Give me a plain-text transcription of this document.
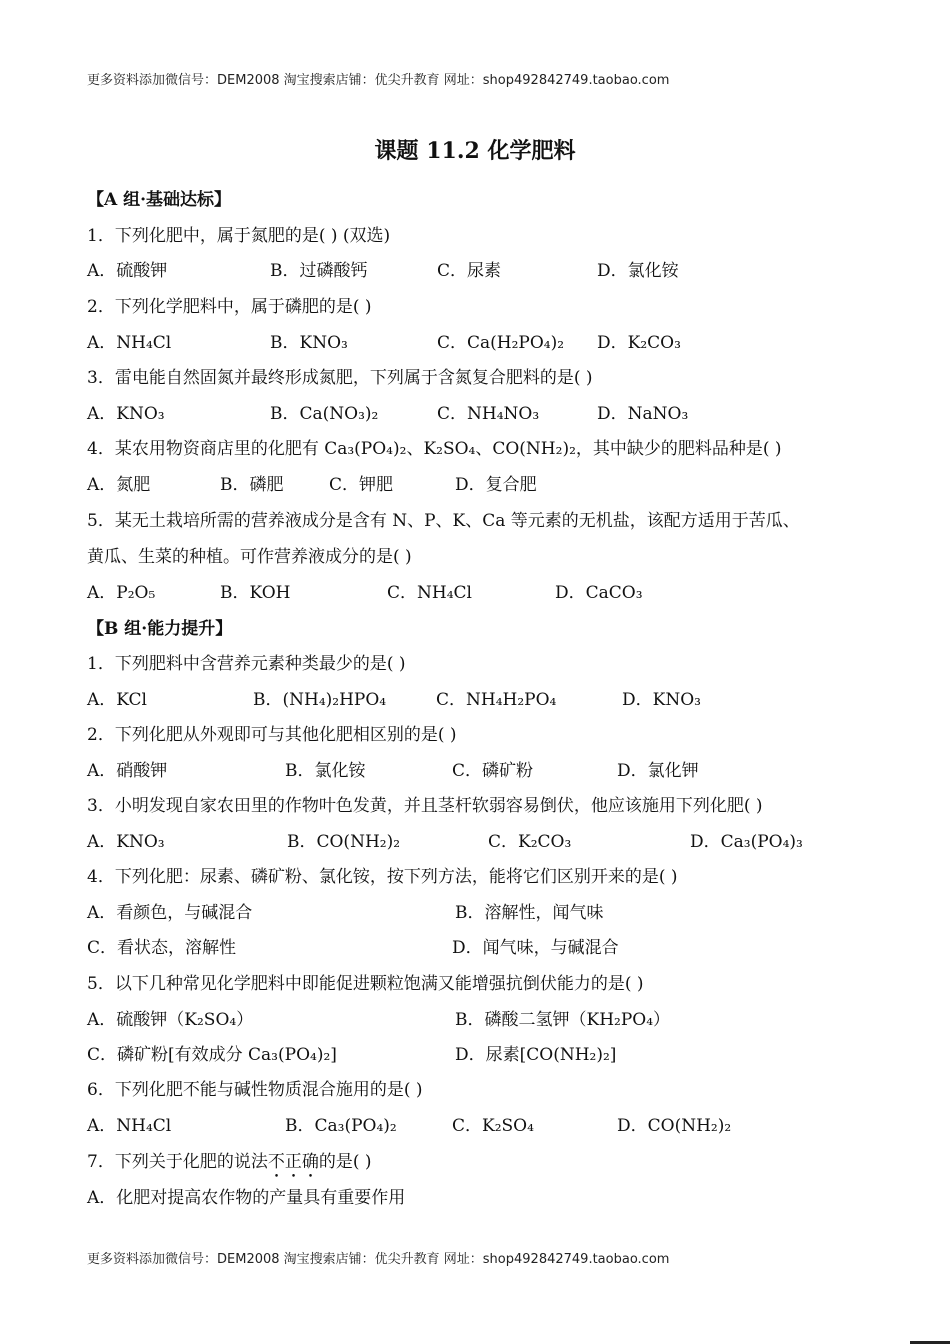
更多资料添加微信号：DEM2008 淘宝搜索店铺：优尖升教育 网址：shop492842749.taobao.com
课题 11.2 化学肥料
【A 组·基础达标】
1．下列化肥中，属于氮肥的是( ) (双选)
A．硫酸钾	B．过磷酸钙	C．尿素	D．氯化铵
2．下列化学肥料中，属于磷肥的是( )
A．NH₄Cl	B．KNO₃	C．Ca(H₂PO₄)₂ D．K₂CO₃
3．雷电能自然固氮并最终形成氮肥，下列属于含氮复合肥料的是( )
A．KNO₃	B．Ca(NO₃)₂	C．NH₄NO₃	D．NaNO₃
4．某农用物资商店里的化肥有 Ca₃(PO₄)₂、K₂SO₄、CO(NH₂)₂，其中缺少的肥料品种是( )
A．氮肥	B．磷肥	C．钾肥	D．复合肥
5．某无土栽培所需的营养液成分是含有 N、P、K、Ca 等元素的无机盐，该配方适用于苦瓜、
黄瓜、生菜的种植。可作营养液成分的是( )
A．P₂O₅	B．KOH	C．NH₄Cl	D．CaCO₃
【B 组·能力提升】
1．下列肥料中含营养元素种类最少的是( )
A．KCl	B．(NH₄)₂HPO₄	C．NH₄H₂PO₄	D．KNO₃
2．下列化肥从外观即可与其他化肥相区别的是( )
A．硝酸钾	B．氯化铵	C．磷矿粉	D．氯化钾
3．小明发现自家农田里的作物叶色发黄，并且茎杆软弱容易倒伏，他应该施用下列化肥( )
A．KNO₃	B．CO(NH₂)₂	C．K₂CO₃	D．Ca₃(PO₄)₃
4．下列化肥：尿素、磷矿粉、氯化铵，按下列方法，能将它们区别开来的是( )
A．看颜色，与碱混合	B．溶解性，闻气味
C．看状态，溶解性	D．闻气味，与碱混合
5．以下几种常见化学肥料中即能促进颗粒饱满又能增强抗倒伏能力的是( )
A．硫酸钾（K₂SO₄）	B．磷酸二氢钾（KH₂PO₄）
C．磷矿粉[有效成分 Ca₃(PO₄)₂]	D．尿素[CO(NH₂)₂]
6．下列化肥不能与碱性物质混合施用的是( )
A．NH₄Cl	B．Ca₃(PO₄)₂	C．K₂SO₄	D．CO(NH₂)₂
7．下列关于化肥的说法不正确的是( )
A．化肥对提高农作物的产量具有重要作用
更多资料添加微信号：DEM2008 淘宝搜索店铺：优尖升教育 网址：shop492842749.taobao.com
